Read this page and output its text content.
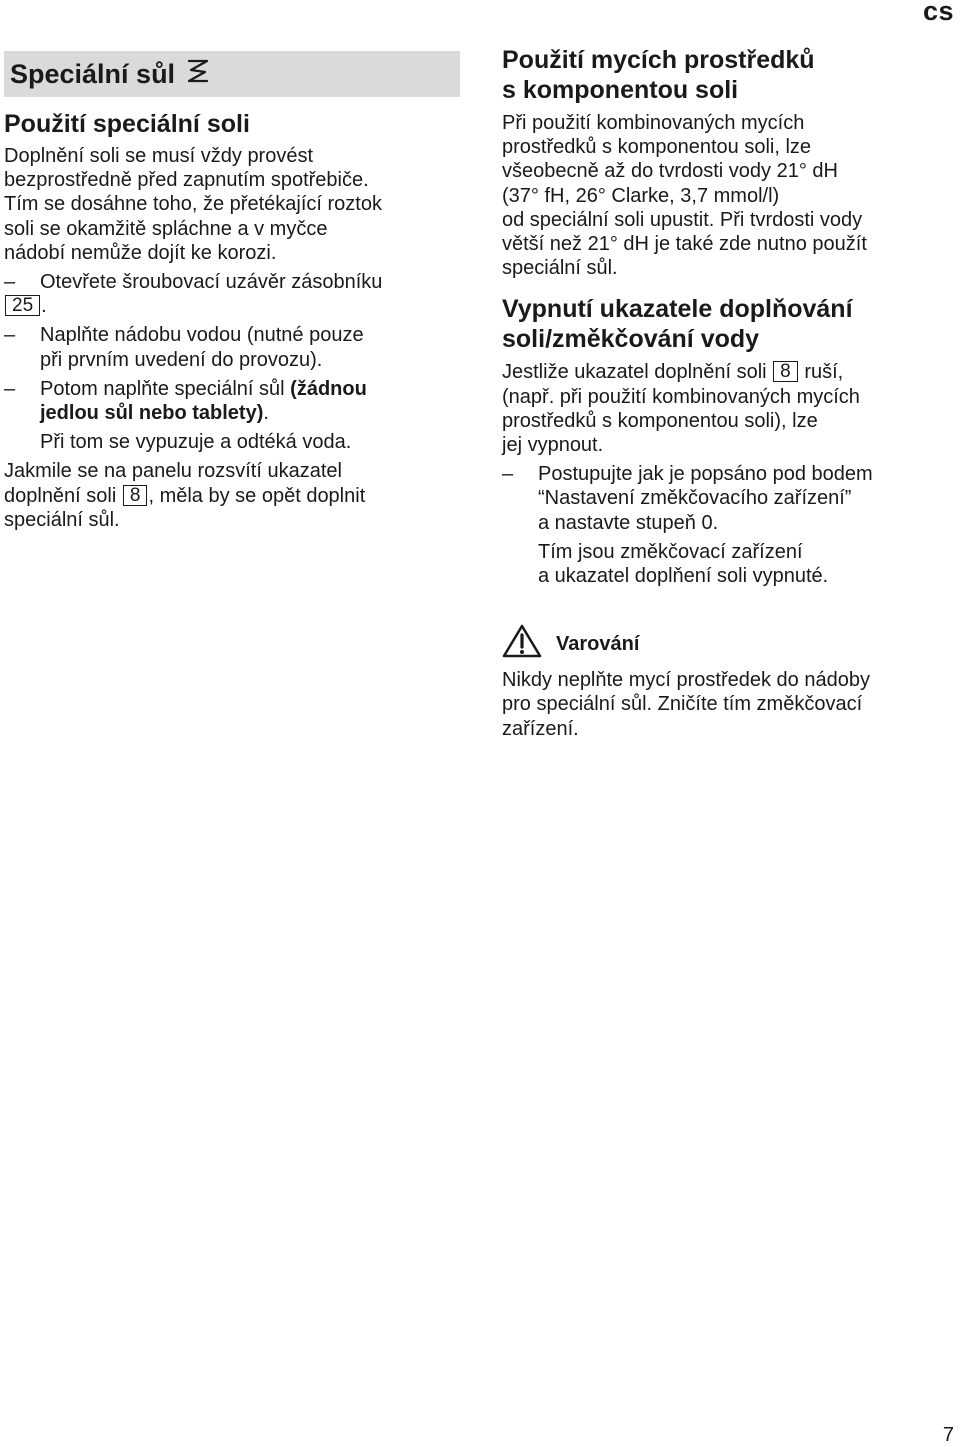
cs
Speciální sůl
Použití speciální soli

Doplnění soli se musí vždy provést

bezprostředně před zapnutím spotřebiče.

Tím se dosáhne toho, že přetékající roztok

soli se okamžitě spláchne a v myčce

nádobí nemůže dojít ke korozi.

– Otevřete šroubovací uzávěr zásobníku
25 .
– Naplňte nádobu vodou (nutné pouze
při prvním uvedení do provozu).
– Potom naplňte speciální sůl (žádnou
jedlou sůl nebo tablety).
Při tom se vypuzuje a odtéká voda.

Jakmile se na panelu rozsvítí ukazatel

doplnění soli 8 , měla by se opět doplnit

speciální sůl.

Použití mycích prostředků
s komponentou soli

Při použití kombinovaných mycích

prostředků s komponentou soli, lze

všeobecně až do tvrdosti vody 21° dH

(37° fH, 26° Clarke, 3,7 mmol/l)

od speciální soli upustit. Při tvrdosti vody

větší než 21° dH je také zde nutno použít

speciální sůl.

Vypnutí ukazatele doplňování
soli/změkčování vody

Jestliže ukazatel doplnění soli 8 ruší,

(např. při použití kombinovaných mycích

prostředků s komponentou soli), lze

jej vypnout.

– Postupujte jak je popsáno pod bodem
“Nastavení změkčovacího zařízení”
a nastavte stupeň 0.
Tím jsou změkčovací zařízení
a ukazatel doplňení soli vypnuté.
Varování

Nikdy neplňte mycí prostředek do nádoby

pro speciální sůl. Zničíte tím změkčovací

zařízení.

7
